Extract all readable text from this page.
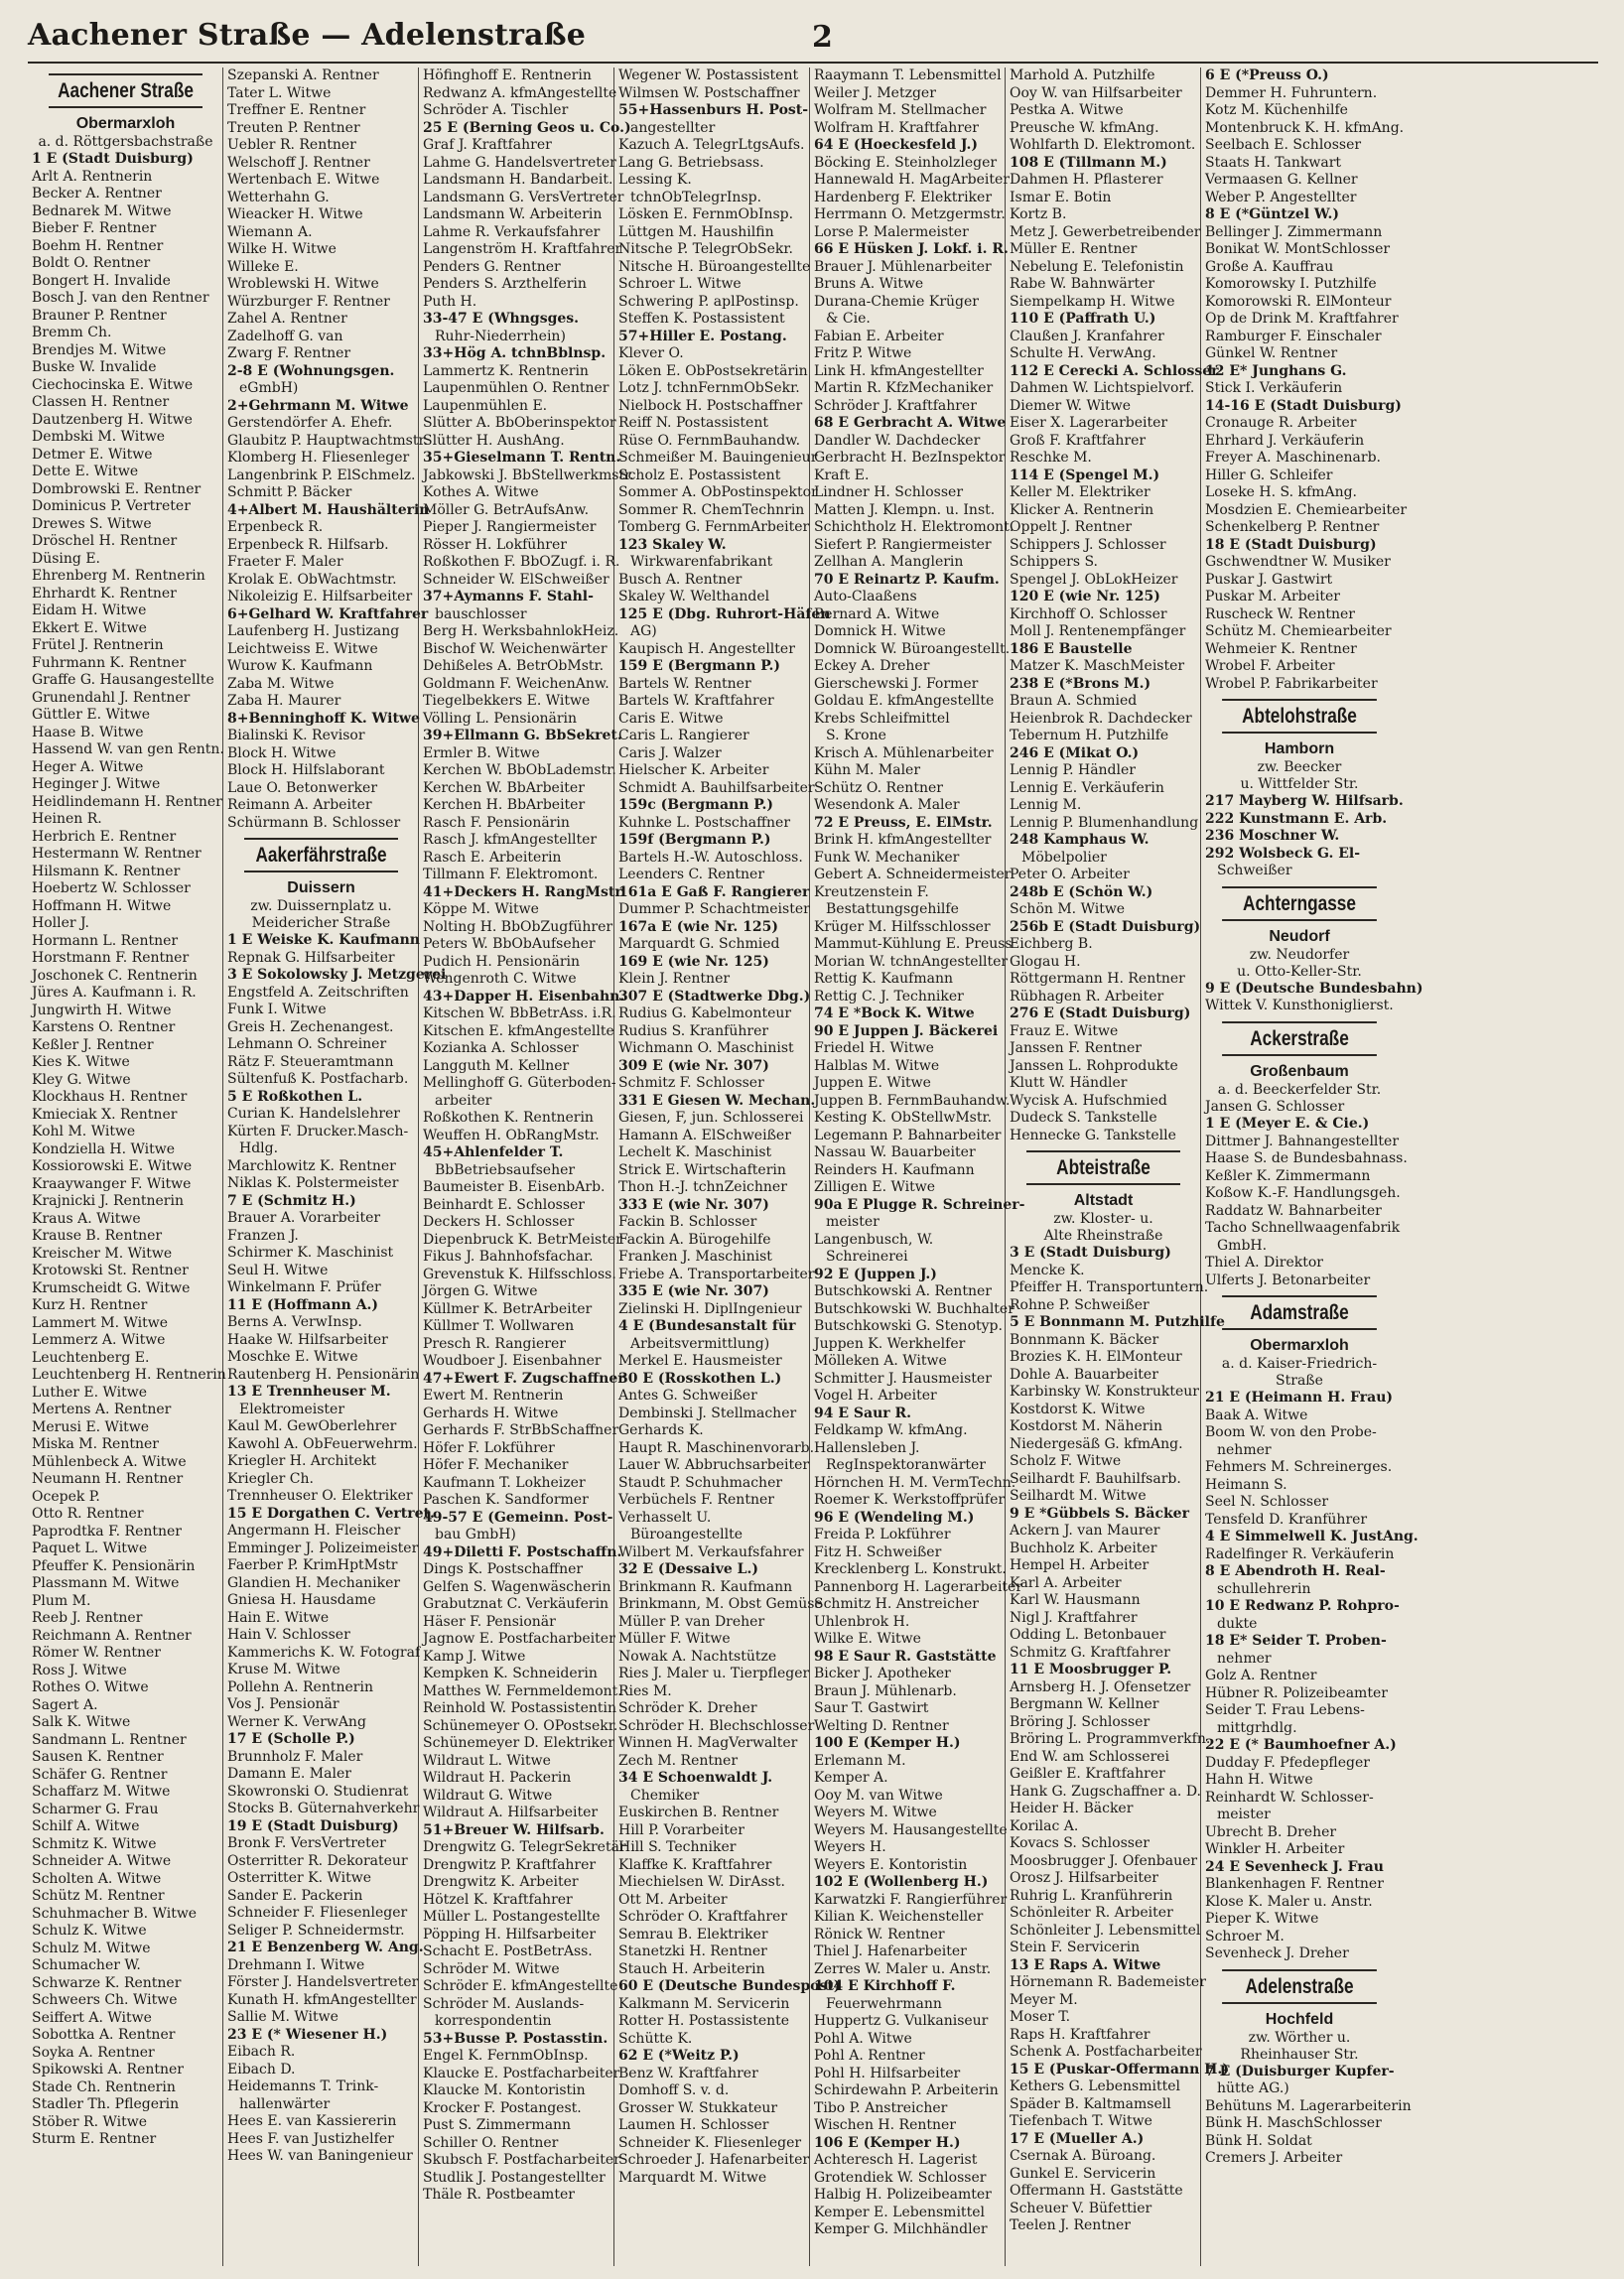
Aachener Straße — Adelenstraße	2
Aachener Straße
Obermarxloh
a. d. Röttgersbachstraße
1 E (Stadt Duisburg)
Arlt A. Rentnerin
Becker A. Rentner
Bednarek M. Witwe
Bieber F. Rentner
Boehm H. Rentner
Boldt O. Rentner
Bongert H. Invalide
Bosch J. van den Rentner
Brauner P. Rentner
Bremm Ch.
Brendjes M. Witwe
Buske W. Invalide
Ciechocinska E. Witwe
Classen H. Rentner
Dautzenberg H. Witwe
Dembski M. Witwe
Detmer E. Witwe
Dette E. Witwe
Dombrowski E. Rentner
Dominicus P. Vertreter
Drewes S. Witwe
Dröschel H. Rentner
Düsing E.
Ehrenberg M. Rentnerin
Ehrhardt K. Rentner
Eidam H. Witwe
Ekkert E. Witwe
Frütel J. Rentnerin
Fuhrmann K. Rentner
Graffe G. Hausangestellte
Grunendahl J. Rentner
Güttler E. Witwe
Haase B. Witwe
Hassend W. van gen Rentn.
Heger A. Witwe
Heginger J. Witwe
Heidlindemann H. Rentner
Heinen R.
Herbrich E. Rentner
Hestermann W. Rentner
Hilsmann K. Rentner
Hoebertz W. Schlosser
Hoffmann H. Witwe
Holler J.
Hormann L. Rentner
Horstmann F. Rentner
Joschonek C. Rentnerin
Jüres A. Kaufmann i. R.
Jungwirth H. Witwe
Karstens O. Rentner
Keßler J. Rentner
Kies K. Witwe
Kley G. Witwe
Klockhaus H. Rentner
Kmieciak X. Rentner
Kohl M. Witwe
Kondziella H. Witwe
Kossiorowski E. Witwe
Kraaywanger F. Witwe
Krajnicki J. Rentnerin
Kraus A. Witwe
Krause B. Rentner
Kreischer M. Witwe
Krotowski St. Rentner
Krumscheidt G. Witwe
Kurz H. Rentner
Lammert M. Witwe
Lemmerz A. Witwe
Leuchtenberg E.
Leuchtenberg H. Rentnerin
Luther E. Witwe
Mertens A. Rentner
Merusi E. Witwe
Miska M. Rentner
Mühlenbeck A. Witwe
Neumann H. Rentner
Ocepek P.
Otto R. Rentner
Paprodtka F. Rentner
Paquet L. Witwe
Pfeuffer K. Pensionärin
Plassmann M. Witwe
Plum M.
Reeb J. Rentner
Reichmann A. Rentner
Römer W. Rentner
Ross J. Witwe
Rothes O. Witwe
Sagert A.
Salk K. Witwe
Sandmann L. Rentner
Sausen K. Rentner
Schäfer G. Rentner
Schaffarz M. Witwe
Scharmer G. Frau
Schilf A. Witwe
Schmitz K. Witwe
Schneider A. Witwe
Scholten A. Witwe
Schütz M. Rentner
Schuhmacher B. Witwe
Schulz K. Witwe
Schulz M. Witwe
Schumacher W.
Schwarze K. Rentner
Schweers Ch. Witwe
Seiffert A. Witwe
Sobottka A. Rentner
Soyka A. Rentner
Spikowski A. Rentner
Stade Ch. Rentnerin
Stadler Th. Pflegerin
Stöber R. Witwe
Sturm E. Rentner
Szepanski A. Rentner
Tater L. Witwe
Treffner E. Rentner
Treuten P. Rentner
Uebler R. Rentner
Welschoff J. Rentner
Wertenbach E. Witwe
Wetterhahn G.
Wieacker H. Witwe
Wiemann A.
Wilke H. Witwe
Willeke E.
Wroblewski H. Witwe
Würzburger F. Rentner
Zahel A. Rentner
Zadelhoff G. van
Zwarg F. Rentner
2-8 E (Wohnungsgen.
eGmbH)
2+Gehrmann M. Witwe
Gerstendörfer A. Ehefr.
Glaubitz P. Hauptwachtmstr.
Klomberg H. Fliesenleger
Langenbrink P. ElSchmelz.
Schmitt P. Bäcker
4+Albert M. Haushälterin
Erpenbeck R.
Erpenbeck R. Hilfsarb.
Fraeter F. Maler
Krolak E. ObWachtmstr.
Nikoleizig E. Hilfsarbeiter
6+Gelhard W. Kraftfahrer
Laufenberg H. Justizang
Leichtweiss E. Witwe
Wurow K. Kaufmann
Zaba M. Witwe
Zaba H. Maurer
8+Benninghoff K. Witwe
Bialinski K. Revisor
Block H. Witwe
Block H. Hilfslaborant
Laue O. Betonwerker
Reimann A. Arbeiter
Schürmann B. Schlosser
Aakerfährstraße
Duissern
zw. Duissernplatz u.
Meidericher Straße
1 E Weiske K. Kaufmann
Repnak G. Hilfsarbeiter
3 E Sokolowsky J. Metzgerei
Engstfeld A. Zeitschriften
Funk I. Witwe
Greis H. Zechenangest.
Lehmann O. Schreiner
Rätz F. Steueramtmann
Sültenfuß K. Postfacharb.
5 E Roßkothen L.
Curian K. Handelslehrer
Kürten F. Drucker.Masch-
Hdlg.
Marchlowitz K. Rentner
Niklas K. Polstermeister
7 E (Schmitz H.)
Brauer A. Vorarbeiter
Franzen J.
Schirmer K. Maschinist
Seul H. Witwe
Winkelmann F. Prüfer
11 E (Hoffmann A.)
Berns A. VerwInsp.
Haake W. Hilfsarbeiter
Moschke E. Witwe
Rautenberg H. Pensionärin
13 E Trennheuser M.
Elektromeister
Kaul M. GewOberlehrer
Kawohl A. ObFeuerwehrm.
Kriegler H. Architekt
Kriegler Ch.
Trennheuser O. Elektriker
15 E Dorgathen C. Vertret.
Angermann H. Fleischer
Emminger J. Polizeimeister
Faerber P. KrimHptMstr
Glandien H. Mechaniker
Gniesa H. Hausdame
Hain E. Witwe
Hain V. Schlosser
Kammerichs K. W. Fotograf
Kruse M. Witwe
Pollehn A. Rentnerin
Vos J. Pensionär
Werner K. VerwAng
17 E (Scholle P.)
Brunnholz F. Maler
Damann E. Maler
Skowronski O. Studienrat
Stocks B. Güternahverkehr
19 E (Stadt Duisburg)
Bronk F. VersVertreter
Osterritter R. Dekorateur
Osterritter K. Witwe
Sander E. Packerin
Schneider F. Fliesenleger
Seliger P. Schneidermstr.
21 E Benzenberg W. Ang.
Drehmann I. Witwe
Förster J. Handelsvertreter
Kunath H. kfmAngestellter
Sallie M. Witwe
23 E (* Wiesener H.)
Eibach R.
Eibach D.
Heidemanns T. Trink-
hallenwärter
Hees E. van Kassiererin
Hees F. van Justizhelfer
Hees W. van Baningenieur
Höfinghoff E. Rentnerin
Redwanz A. kfmAngestellte
Schröder A. Tischler
25 E (Berning Geos u. Co.)
Graf J. Kraftfahrer
Lahme G. Handelsvertreter
Landsmann H. Bandarbeit.
Landsmann G. VersVertreter
Landsmann W. Arbeiterin
Lahme R. Verkaufsfahrer
Langenström H. Kraftfahrer
Penders G. Rentner
Penders S. Arzthelferin
Puth H.
33-47 E (Whngsges.
Ruhr-Niederrhein)
33+Hög A. tchnBblnsp.
Lammertz K. Rentnerin
Laupenmühlen O. Rentner
Laupenmühlen E.
Slütter A. BbOberinspektor
Slütter H. AushAng.
35+Gieselmann T. Rentn.
Jabkowski J. BbStellwerkmstr.
Kothes A. Witwe
Möller G. BetrAufsAnw.
Pieper J. Rangiermeister
Rösser H. Lokführer
Roßkothen F. BbOZugf. i. R.
Schneider W. ElSchweißer
37+Aymanns F. Stahl-
bauschlosser
Berg H. WerksbahnlokHeiz.
Bischof W. Weichenwärter
Dehißeles A. BetrObMstr.
Goldmann F. WeichenAnw.
Tiegelbekkers E. Witwe
Völling L. Pensionärin
39+Ellmann G. BbSekret.
Ermler B. Witwe
Kerchen W. BbObLademstr.
Kerchen W. BbArbeiter
Kerchen H. BbArbeiter
Rasch F. Pensionärin
Rasch J. kfmAngestellter
Rasch E. Arbeiterin
Tillmann F. Elektromont.
41+Deckers H. RangMstr.
Köppe M. Witwe
Nolting H. BbObZugführer
Peters W. BbObAufseher
Pudich H. Pensionärin
Wengenroth C. Witwe
43+Dapper H. Eisenbahn.
Kitschen W. BbBetrAss. i.R.
Kitschen E. kfmAngestellte
Kozianka A. Schlosser
Langguth M. Kellner
Mellinghoff G. Güterboden-
arbeiter
Roßkothen K. Rentnerin
Weuffen H. ObRangMstr.
45+Ahlenfelder T.
BbBetriebsaufseher
Baumeister B. EisenbArb.
Beinhardt E. Schlosser
Deckers H. Schlosser
Diepenbruck K. BetrMeister
Fikus J. Bahnhofsfachar.
Grevenstuk K. Hilfsschloss.
Jörgen G. Witwe
Küllmer K. BetrArbeiter
Küllmer T. Wollwaren
Presch R. Rangierer
Woudboer J. Eisenbahner
47+Ewert F. Zugschaffner
Ewert M. Rentnerin
Gerhards H. Witwe
Gerhards F. StrBbSchaffner
Höfer F. Lokführer
Höfer F. Mechaniker
Kaufmann T. Lokheizer
Paschen K. Sandformer
49-57 E (Gemeinn. Post-
bau GmbH)
49+Diletti F. Postschaffn.
Dings K. Postschaffner
Gelfen S. Wagenwäscherin
Grabutznat C. Verkäuferin
Häser F. Pensionär
Jagnow E. Postfacharbeiter
Kamp J. Witwe
Kempken K. Schneiderin
Matthes W. Fernmeldemont.
Reinhold W. Postassistentin
Schünemeyer O. OPostsekr.
Schünemeyer D. Elektriker
Wildraut L. Witwe
Wildraut H. Packerin
Wildraut G. Witwe
Wildraut A. Hilfsarbeiter
51+Breuer W. Hilfsarb.
Drengwitz G. TelegrSekretär
Drengwitz P. Kraftfahrer
Drengwitz K. Arbeiter
Hötzel K. Kraftfahrer
Müller L. Postangestellte
Pöpping H. Hilfsarbeiter
Schacht E. PostBetrAss.
Schröder M. Witwe
Schröder E. kfmAngestellte
Schröder M. Auslands-
korrespondentin
53+Busse P. Postasstin.
Engel K. FernmObInsp.
Klaucke E. Postfacharbeiter
Klaucke M. Kontoristin
Krocker F. Postangest.
Pust S. Zimmermann
Schiller O. Rentner
Skubsch F. Postfacharbeiter
Studlik J. Postangestellter
Thäle R. Postbeamter
Wegener W. Postassistent
Wilmsen W. Postschaffner
55+Hassenburs H. Post-
angestellter
Kazuch A. TelegrLtgsAufs.
Lang G. Betriebsass.
Lessing K.
tchnObTelegrInsp.
Lösken E. FernmObInsp.
Lüttgen M. Haushilfin
Nitsche P. TelegrObSekr.
Nitsche H. Büroangestellte
Schroer L. Witwe
Schwering P. aplPostinsp.
Steffen K. Postassistent
57+Hiller E. Postang.
Klever O.
Löken E. ObPostsekretärin
Lotz J. tchnFernmObSekr.
Nielbock H. Postschaffner
Reiff N. Postassistent
Rüse O. FernmBauhandw.
Schmeißer M. Bauingenieur
Scholz E. Postassistent
Sommer A. ObPostinspektor
Sommer R. ChemTechnrin
Tomberg G. FernmArbeiter
123 Skaley W.
Wirkwarenfabrikant
Busch A. Rentner
Skaley W. Welthandel
125 E (Dbg. Ruhrort-Häfen
AG)
Kaupisch H. Angestellter
159 E (Bergmann P.)
Bartels W. Rentner
Bartels W. Kraftfahrer
Caris E. Witwe
Caris L. Rangierer
Caris J. Walzer
Hielscher K. Arbeiter
Schmidt A. Bauhilfsarbeiter
159c (Bergmann P.)
Kuhnke L. Postschaffner
159f (Bergmann P.)
Bartels H.-W. Autoschloss.
Leenders C. Rentner
161a E Gaß F. Rangierer
Dummer P. Schachtmeister
167a E (wie Nr. 125)
Marquardt G. Schmied
169 E (wie Nr. 125)
Klein J. Rentner
307 E (Stadtwerke Dbg.)
Rudius G. Kabelmonteur
Rudius S. Kranführer
Wichmann O. Maschinist
309 E (wie Nr. 307)
Schmitz F. Schlosser
331 E Giesen W. Mechan.
Giesen, F, jun. Schlosserei
Hamann A. ElSchweißer
Lechelt K. Maschinist
Strick E. Wirtschafterin
Thon H.-J. tchnZeichner
333 E (wie Nr. 307)
Fackin B. Schlosser
Fackin A. Bürogehilfe
Franken J. Maschinist
Friebe A. Transportarbeiter
335 E (wie Nr. 307)
Zielinski H. DiplIngenieur
4 E (Bundesanstalt für
Arbeitsvermittlung)
Merkel E. Hausmeister
30 E (Rosskothen L.)
Antes G. Schweißer
Dembinski J. Stellmacher
Gerhards K.
Haupt R. Maschinenvorarb.
Lauer W. Abbruchsarbeiter
Staudt P. Schuhmacher
Verbüchels F. Rentner
Verhasselt U.
Büroangestellte
Wilbert M. Verkaufsfahrer
32 E (Dessaive L.)
Brinkmann R. Kaufmann
Brinkmann, M. Obst Gemüse
Müller P. van Dreher
Müller F. Witwe
Nowak A. Nachtstütze
Ries J. Maler u. Tierpfleger
Ries M.
Schröder K. Dreher
Schröder H. Blechschlosser
Winnen H. MagVerwalter
Zech M. Rentner
34 E Schoenwaldt J.
Chemiker
Euskirchen B. Rentner
Hill P. Vorarbeiter
Hill S. Techniker
Klaffke K. Kraftfahrer
Miechielsen W. DirAsst.
Ott M. Arbeiter
Schröder O. Kraftfahrer
Semrau B. Elektriker
Stanetzki H. Rentner
Stauch H. Arbeiterin
60 E (Deutsche Bundespost)
Kalkmann M. Servicerin
Rotter H. Postassistente
Schütte K.
62 E (*Weitz P.)
Benz W. Kraftfahrer
Domhoff S. v. d.
Grosser W. Stukkateur
Laumen H. Schlosser
Schneider K. Fliesenleger
Schroeder J. Hafenarbeiter
Marquardt M. Witwe
Raaymann T. Lebensmittel
Weiler J. Metzger
Wolfram M. Stellmacher
Wolfram H. Kraftfahrer
64 E (Hoeckesfeld J.)
Böcking E. Steinholzleger
Hannewald H. MagArbeiter
Hardenberg F. Elektriker
Herrmann O. Metzgermstr.
Lorse P. Malermeister
66 E Hüsken J. Lokf. i. R.
Brauer J. Mühlenarbeiter
Bruns A. Witwe
Durana-Chemie Krüger
& Cie.
Fabian E. Arbeiter
Fritz P. Witwe
Link H. kfmAngestellter
Martin R. KfzMechaniker
Schröder J. Kraftfahrer
68 E Gerbracht A. Witwe
Dandler W. Dachdecker
Gerbracht H. BezInspektor
Kraft E.
Lindner H. Schlosser
Matten J. Klempn. u. Inst.
Schichtholz H. Elektromont.
Siefert P. Rangiermeister
Zellhan A. Manglerin
70 E Reinartz P. Kaufm.
Auto-Claaßens
Bernard A. Witwe
Domnick H. Witwe
Domnick W. Büroangestellt.
Eckey A. Dreher
Gierschewski J. Former
Goldau E. kfmAngestellte
Krebs Schleifmittel
S. Krone
Krisch A. Mühlenarbeiter
Kühn M. Maler
Schütz O. Rentner
Wesendonk A. Maler
72 E Preuss, E. ElMstr.
Brink H. kfmAngestellter
Funk W. Mechaniker
Gebert A. Schneidermeister
Kreutzenstein F.
Bestattungsgehilfe
Krüger M. Hilfsschlosser
Mammut-Kühlung E. Preuss
Morian W. tchnAngestellter
Rettig K. Kaufmann
Rettig C. J. Techniker
74 E *Bock K. Witwe
90 E Juppen J. Bäckerei
Friedel H. Witwe
Halblas M. Witwe
Juppen E. Witwe
Juppen B. FernmBauhandw.
Kesting K. ObStellwMstr.
Legemann P. Bahnarbeiter
Nassau W. Bauarbeiter
Reinders H. Kaufmann
Zilligen E. Witwe
90a E Plugge R. Schreiner-
meister
Langenbusch, W.
Schreinerei
92 E (Juppen J.)
Butschkowski A. Rentner
Butschkowski W. Buchhalter
Butschkowski G. Stenotyp.
Juppen K. Werkhelfer
Mölleken A. Witwe
Schmitter J. Hausmeister
Vogel H. Arbeiter
94 E Saur R.
Feldkamp W. kfmAng.
Hallensleben J.
RegInspektoranwärter
Hörnchen H. M. VermTechn.
Roemer K. Werkstoffprüfer
96 E (Wendeling M.)
Freida P. Lokführer
Fitz H. Schweißer
Krecklenberg L. Konstrukt.
Pannenborg H. Lagerarbeiter
Schmitz H. Anstreicher
Uhlenbrok H.
Wilke E. Witwe
98 E Saur R. Gaststätte
Bicker J. Apotheker
Braun J. Mühlenarb.
Saur T. Gastwirt
Welting D. Rentner
100 E (Kemper H.)
Erlemann M.
Kemper A.
Ooy M. van Witwe
Weyers M. Witwe
Weyers M. Hausangestellte
Weyers H.
Weyers E. Kontoristin
102 E (Wollenberg H.)
Karwatzki F. Rangierführer
Kilian K. Weichensteller
Rönick W. Rentner
Thiel J. Hafenarbeiter
Zerres W. Maler u. Anstr.
104 E Kirchhoff F.
Feuerwehrmann
Huppertz G. Vulkaniseur
Pohl A. Witwe
Pohl A. Rentner
Pohl H. Hilfsarbeiter
Schirdewahn P. Arbeiterin
Tibo P. Anstreicher
Wischen H. Rentner
106 E (Kemper H.)
Achteresch H. Lagerist
Grotendiek W. Schlosser
Halbig H. Polizeibeamter
Kemper E. Lebensmittel
Kemper G. Milchhändler
Marhold A. Putzhilfe
Ooy W. van Hilfsarbeiter
Pestka A. Witwe
Preusche W. kfmAng.
Wohlfarth D. Elektromont.
108 E (Tillmann M.)
Dahmen H. Pflasterer
Ismar E. Botin
Kortz B.
Metz J. Gewerbetreibender
Müller E. Rentner
Nebelung E. Telefonistin
Rabe W. Bahnwärter
Siempelkamp H. Witwe
110 E (Paffrath U.)
Claußen J. Kranfahrer
Schulte H. VerwAng.
112 E Cerecki A. Schlosser
Dahmen W. Lichtspielvorf.
Diemer W. Witwe
Eiser X. Lagerarbeiter
Groß F. Kraftfahrer
Reschke M.
114 E (Spengel M.)
Keller M. Elektriker
Klicker A. Rentnerin
Oppelt J. Rentner
Schippers J. Schlosser
Schippers S.
Spengel J. ObLokHeizer
120 E (wie Nr. 125)
Kirchhoff O. Schlosser
Moll J. Rentenempfänger
186 E Baustelle
Matzer K. MaschMeister
238 E (*Brons M.)
Braun A. Schmied
Heienbrok R. Dachdecker
Tebernum H. Putzhilfe
246 E (Mikat O.)
Lennig P. Händler
Lennig E. Verkäuferin
Lennig M.
Lennig P. Blumenhandlung
248 Kamphaus W.
Möbelpolier
Peter O. Arbeiter
248b E (Schön W.)
Schön M. Witwe
256b E (Stadt Duisburg)
Eichberg B.
Glogau H.
Röttgermann H. Rentner
Rübhagen R. Arbeiter
276 E (Stadt Duisburg)
Frauz E. Witwe
Janssen F. Rentner
Janssen L. Rohprodukte
Klutt W. Händler
Wycisk A. Hufschmied
Dudeck S. Tankstelle
Hennecke G. Tankstelle
Abteistraße
Altstadt
zw. Kloster- u.
Alte Rheinstraße
3 E (Stadt Duisburg)
Mencke K.
Pfeiffer H. Transportuntern.
Rohne P. Schweißer
5 E Bonnmann M. Putzhilfe
Bonnmann K. Bäcker
Brozies K. H. ElMonteur
Dohle A. Bauarbeiter
Karbinsky W. Konstrukteur
Kostdorst K. Witwe
Kostdorst M. Näherin
Niedergesäß G. kfmAng.
Scholz F. Witwe
Seilhardt F. Bauhilfsarb.
Seilhardt M. Witwe
9 E *Gübbels S. Bäcker
Ackern J. van Maurer
Buchholz K. Arbeiter
Hempel H. Arbeiter
Karl A. Arbeiter
Karl W. Hausmann
Nigl J. Kraftfahrer
Odding L. Betonbauer
Schmitz G. Kraftfahrer
11 E Moosbrugger P.
Arnsberg H. J. Ofensetzer
Bergmann W. Kellner
Bröring J. Schlosser
Bröring L. Programmverkfn.
End W. am Schlosserei
Geißler E. Kraftfahrer
Hank G. Zugschaffner a. D.
Heider H. Bäcker
Korilac A.
Kovacs S. Schlosser
Moosbrugger J. Ofenbauer
Orosz J. Hilfsarbeiter
Ruhrig L. Kranführerin
Schönleiter R. Arbeiter
Schönleiter J. Lebensmittel
Stein F. Servicerin
13 E Raps A. Witwe
Hörnemann R. Bademeister
Meyer M.
Moser T.
Raps H. Kraftfahrer
Schenk A. Postfacharbeiter
15 E (Puskar-Offermann H.)
Kethers G. Lebensmittel
Späder B. Kaltmamsell
Tiefenbach T. Witwe
17 E (Mueller A.)
Csernak A. Büroang.
Gunkel E. Servicerin
Offermann H. Gaststätte
Scheuer V. Büfettier
Teelen J. Rentner
6 E (*Preuss O.)
Demmer H. Fuhruntern.
Kotz M. Küchenhilfe
Montenbruck K. H. kfmAng.
Seelbach E. Schlosser
Staats H. Tankwart
Vermaasen G. Kellner
Weber P. Angestellter
8 E (*Güntzel W.)
Bellinger J. Zimmermann
Bonikat W. MontSchlosser
Große A. Kauffrau
Komorowsky I. Putzhilfe
Komorowski R. ElMonteur
Op de Drink M. Kraftfahrer
Ramburger F. Einschaler
Günkel W. Rentner
12 E* Junghans G.
Stick I. Verkäuferin
14-16 E (Stadt Duisburg)
Cronauge R. Arbeiter
Ehrhard J. Verkäuferin
Freyer A. Maschinenarb.
Hiller G. Schleifer
Loseke H. S. kfmAng.
Mosdzien E. Chemiearbeiter
Schenkelberg P. Rentner
18 E (Stadt Duisburg)
Gschwendtner W. Musiker
Puskar J. Gastwirt
Puskar M. Arbeiter
Ruscheck W. Rentner
Schütz M. Chemiearbeiter
Wehmeier K. Rentner
Wrobel F. Arbeiter
Wrobel P. Fabrikarbeiter
Abtelohstraße
Hamborn
zw. Beecker
u. Wittfelder Str.
217 Mayberg W. Hilfsarb.
222 Kunstmann E. Arb.
236 Moschner W.
292 Wolsbeck G. El-
Schweißer
Achterngasse
Neudorf
zw. Neudorfer
u. Otto-Keller-Str.
9 E (Deutsche Bundesbahn)
Wittek V. Kunsthoniglierst.
Ackerstraße
Großenbaum
a. d. Beeckerfelder Str.
Jansen G. Schlosser
1 E (Meyer E. & Cie.)
Dittmer J. Bahnangestellter
Haase S. de Bundesbahnass.
Keßler K. Zimmermann
Koßow K.-F. Handlungsgeh.
Raddatz W. Bahnarbeiter
Tacho Schnellwaagenfabrik
GmbH.
Thiel A. Direktor
Ulferts J. Betonarbeiter
Adamstraße
Obermarxloh
a. d. Kaiser-Friedrich-
Straße
21 E (Heimann H. Frau)
Baak A. Witwe
Boom W. von den Probe-
nehmer
Fehmers M. Schreinerges.
Heimann S.
Seel N. Schlosser
Tensfeld D. Kranführer
4 E Simmelwell K. JustAng.
Radelfinger R. Verkäuferin
8 E Abendroth H. Real-
schullehrerin
10 E Redwanz P. Rohpro-
dukte
18 E* Seider T. Proben-
nehmer
Golz A. Rentner
Hübner R. Polizeibeamter
Seider T. Frau Lebens-
mittgrhdlg.
22 E (* Baumhoefner A.)
Dudday F. Pfedepfleger
Hahn H. Witwe
Reinhardt W. Schlosser-
meister
Ubrecht B. Dreher
Winkler H. Arbeiter
24 E Sevenheck J. Frau
Blankenhagen F. Rentner
Klose K. Maler u. Anstr.
Pieper K. Witwe
Schroer M.
Sevenheck J. Dreher
Adelenstraße
Hochfeld
zw. Wörther u.
Rheinhauser Str.
7 E (Duisburger Kupfer-
hütte AG.)
Behütuns M. Lagerarbeiterin
Bünk H. MaschSchlosser
Bünk H. Soldat
Cremers J. Arbeiter
